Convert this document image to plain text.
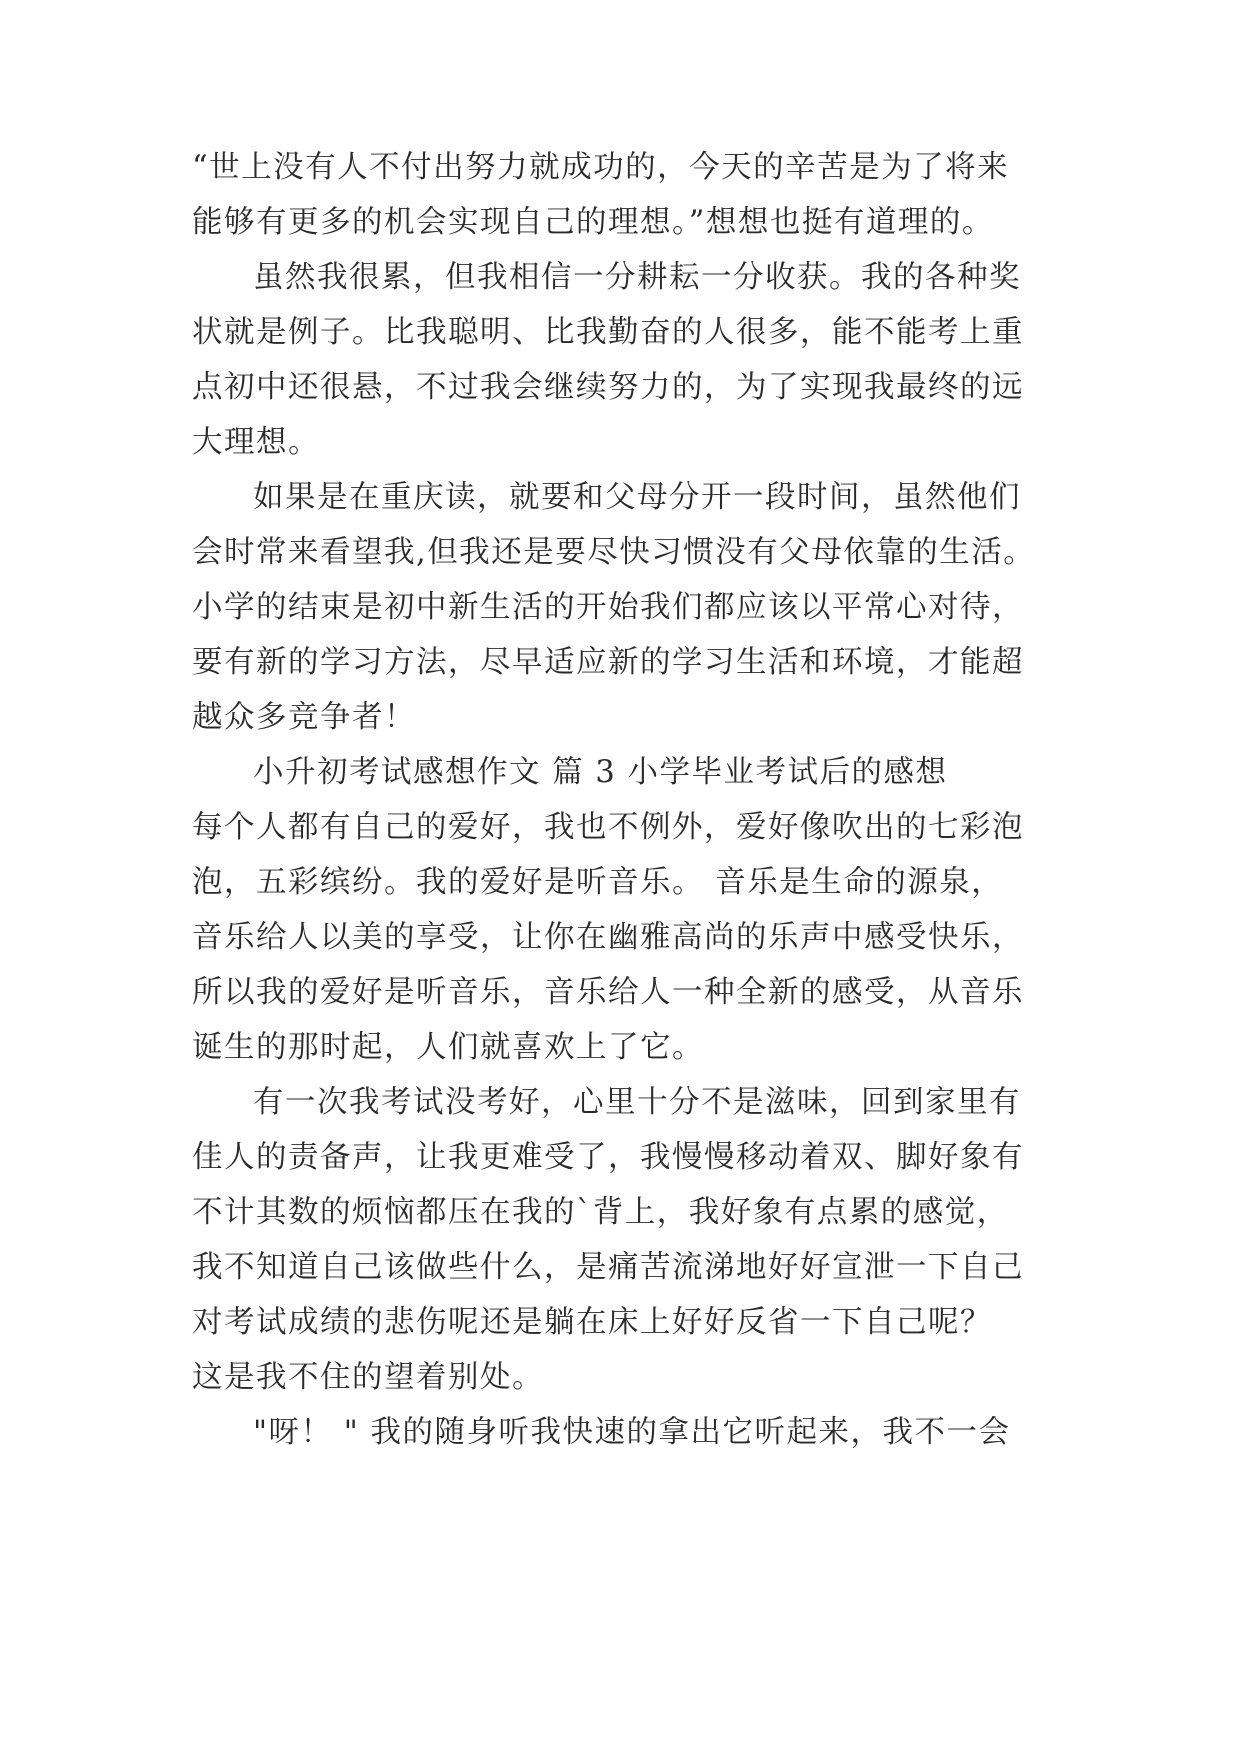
“世上没有人不付出努力就成功的，今天的辛苦是为了将来
能够有更多的机会实现自己的理想。”想想也挺有道理的。
虽然我很累，但我相信一分耕耘一分收获。我的各种奖
状就是例子。比我聪明、比我勤奋的人很多，能不能考上重
点初中还很悬，不过我会继续努力的，为了实现我最终的远
大理想。
如果是在重庆读，就要和父母分开一段时间，虽然他们
会时常来看望我,但我还是要尽快习惯没有父母依靠的生活。
小学的结束是初中新生活的开始我们都应该以平常心对待，
要有新的学习方法，尽早适应新的学习生活和环境，才能超
越众多竞争者！
小升初考试感想作文 篇 3 小学毕业考试后的感想
每个人都有自己的爱好，我也不例外，爱好像吹出的七彩泡
泡，五彩缤纷。我的爱好是听音乐。 音乐是生命的源泉，
音乐给人以美的享受，让你在幽雅高尚的乐声中感受快乐，
所以我的爱好是听音乐，音乐给人一种全新的感受，从音乐
诞生的那时起，人们就喜欢上了它。
有一次我考试没考好，心里十分不是滋味，回到家里有
佳人的责备声，让我更难受了，我慢慢移动着双、脚好象有
不计其数的烦恼都压在我的`背上，我好象有点累的感觉，
我不知道自己该做些什么，是痛苦流涕地好好宣泄一下自己
对考试成绩的悲伤呢还是躺在床上好好反省一下自己呢？
这是我不住的望着别处。
"呀！ " 我的随身听我快速的拿出它听起来，我不一会
